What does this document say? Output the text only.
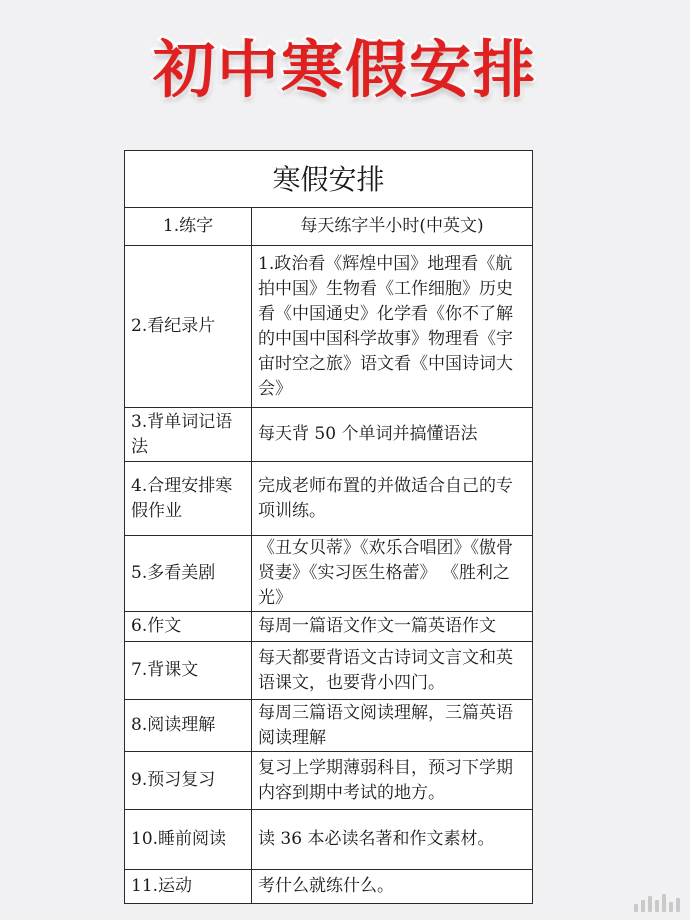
初中寒假安排
寒假安排	
1.练字	每天练字半小时(中英文)
2.看纪录片	1.政治看《辉煌中国》地理看《航拍中国》生物看《工作细胞》历史看《中国通史》化学看《你不了解的中国中国科学故事》物理看《宇宙时空之旅》语文看《中国诗词大会》
3.背单词记语法	每天背 50 个单词并搞懂语法
4.合理安排寒假作业	完成老师布置的并做适合自己的专项训练。
5.多看美剧	《丑女贝蒂》《欢乐合唱团》《傲骨贤妻》《实习医生格蕾》 《胜利之光》
6.作文	每周一篇语文作文一篇英语作文
7.背课文	每天都要背语文古诗词文言文和英语课文，也要背小四门。
8.阅读理解	每周三篇语文阅读理解，三篇英语阅读理解
9.预习复习	复习上学期薄弱科目，预习下学期内容到期中考试的地方。
10.睡前阅读	读 36 本必读名著和作文素材。
11.运动	考什么就练什么。
